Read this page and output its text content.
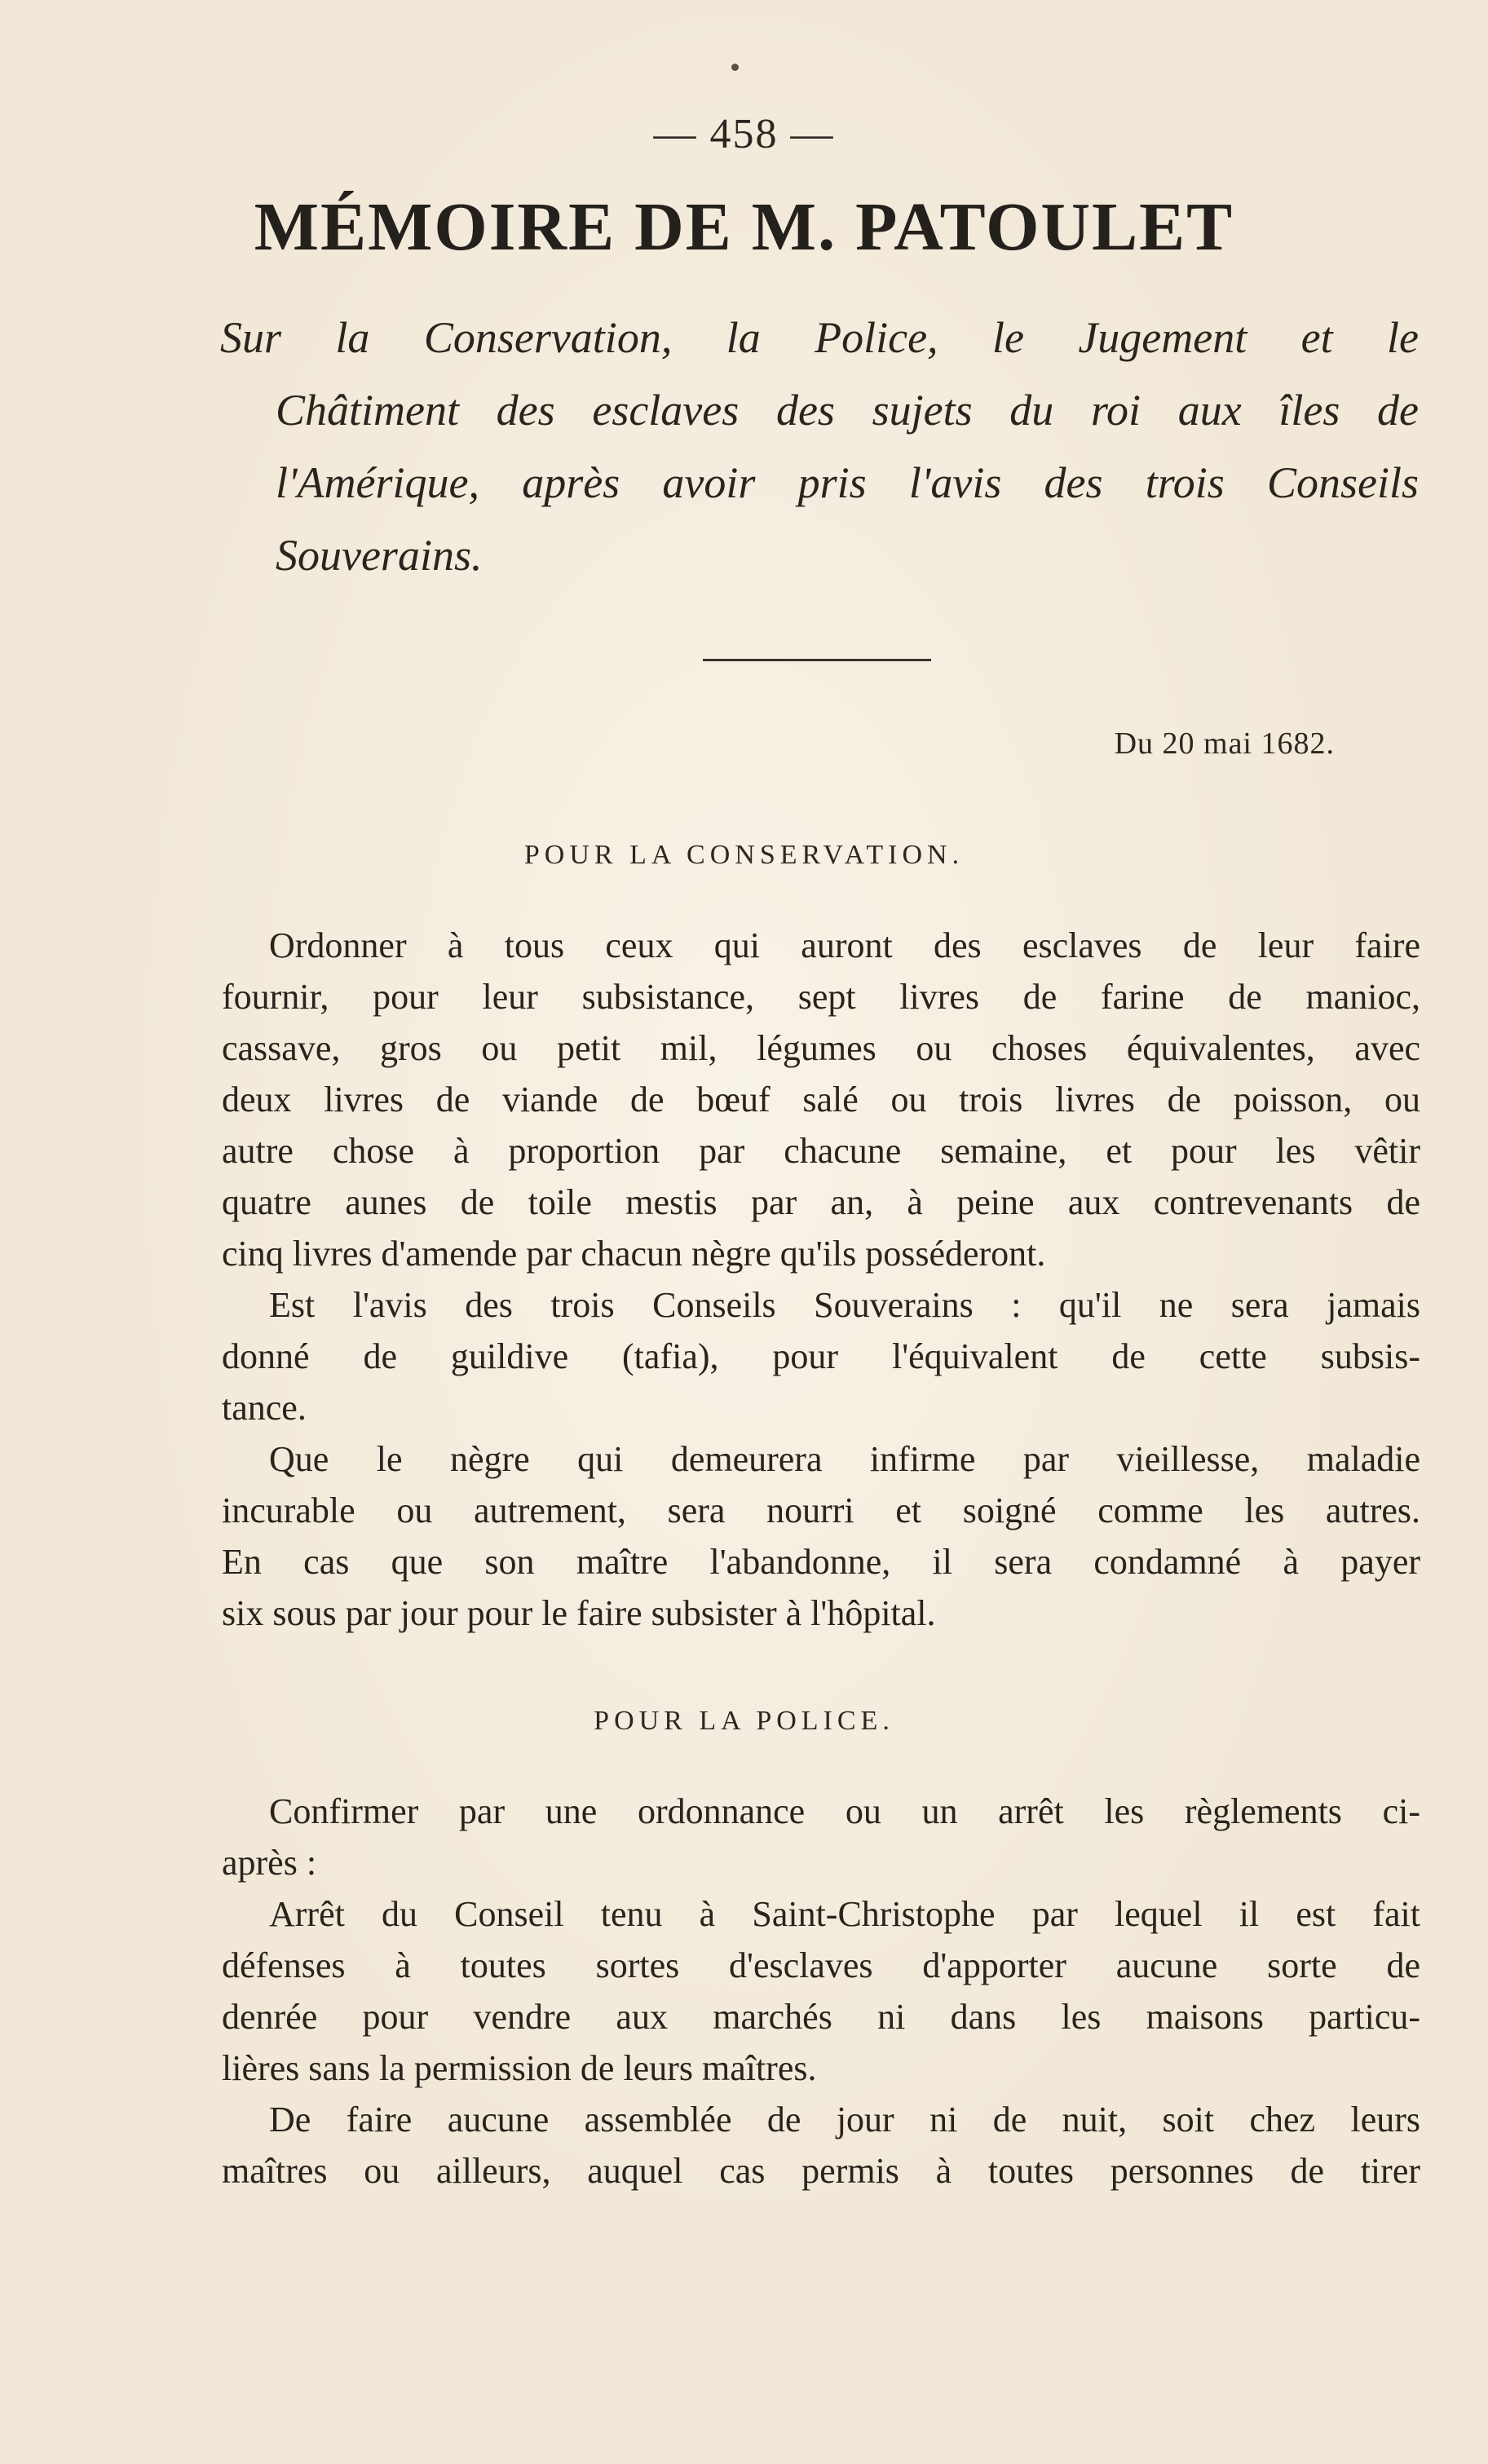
— 458 —
MÉMOIRE DE M. PATOULET
Sur la Conservation, la Police, le Jugement et le
Châtiment des esclaves des sujets du roi aux îles de
l'Amérique, après avoir pris l'avis des trois Conseils
Souverains.
Du 20 mai 1682.
POUR LA CONSERVATION.
Ordonner à tous ceux qui auront des esclaves de leur faire
fournir, pour leur subsistance, sept livres de farine de manioc,
cassave, gros ou petit mil, légumes ou choses équivalentes, avec
deux livres de viande de bœuf salé ou trois livres de poisson, ou
autre chose à proportion par chacune semaine, et pour les vêtir
quatre aunes de toile mestis par an, à peine aux contrevenants de
cinq livres d'amende par chacun nègre qu'ils posséderont.
Est l'avis des trois Conseils Souverains : qu'il ne sera jamais
donné de guildive (tafia), pour l'équivalent de cette subsis-
tance.
Que le nègre qui demeurera infirme par vieillesse, maladie
incurable ou autrement, sera nourri et soigné comme les autres.
En cas que son maître l'abandonne, il sera condamné à payer
six sous par jour pour le faire subsister à l'hôpital.
POUR LA POLICE.
Confirmer par une ordonnance ou un arrêt les règlements ci-
après :
Arrêt du Conseil tenu à Saint-Christophe par lequel il est fait
défenses à toutes sortes d'esclaves d'apporter aucune sorte de
denrée pour vendre aux marchés ni dans les maisons particu-
lières sans la permission de leurs maîtres.
De faire aucune assemblée de jour ni de nuit, soit chez leurs
maîtres ou ailleurs, auquel cas permis à toutes personnes de tirer
